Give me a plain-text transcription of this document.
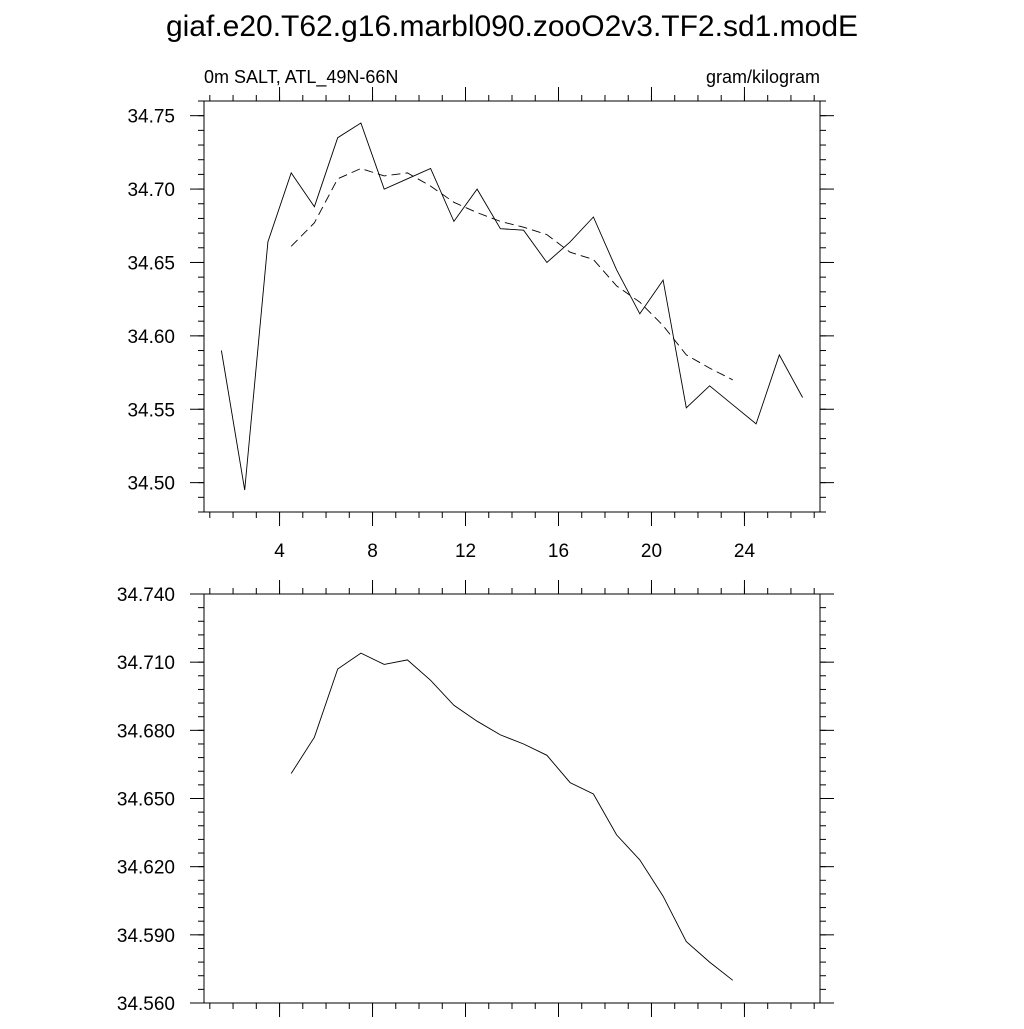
giaf.e20.T62.g16.marbl090.zooO2v3.TF2.sd1.modE
0m SALT, ATL_49N-66N	gram/kilogram
4	8	12	16	20	24
34.50
34.55
34.60
34.65
34.70
34.75
34.560
34.590
34.620
34.650
34.680
34.710
34.740
